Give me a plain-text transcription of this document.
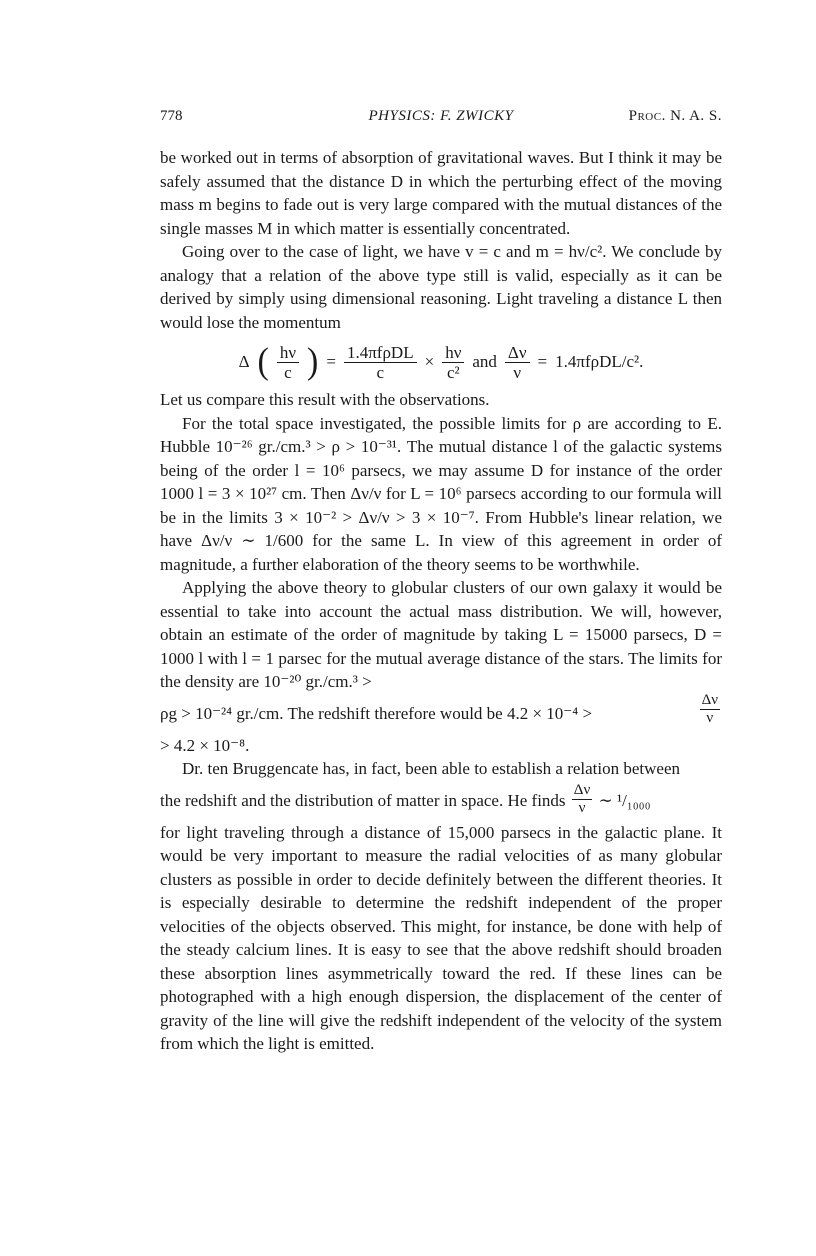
778	PHYSICS: F. ZWICKY	Proc. N. A. S.

be worked out in terms of absorption of gravitational waves. But I think it may be safely assumed that the distance D in which the perturbing effect of the moving mass m begins to fade out is very large compared with the mutual distances of the single masses M in which matter is essentially concentrated.

Going over to the case of light, we have v = c and m = hν/c². We conclude by analogy that a relation of the above type still is valid, especially as it can be derived by simply using dimensional reasoning. Light traveling a distance L then would lose the momentum

Δ ( $\frac{h\nu}{c}$ ) = $\frac{\text{1.4πfρDL}}{c} \times \frac{h\nu}{\text{c²}}$ and $\frac{\Delta\nu}{\nu} = 1.4\pi f\rho DL/c^2$.

Let us compare this result with the observations.

For the total space investigated, the possible limits for ρ are according to E. Hubble 10⁻²⁶ gr./cm.³ > ρ > 10⁻³¹. The mutual distance l of the galactic systems being of the order l = 10⁶ parsecs, we may assume D for instance of the order 1000 l = 3 × 10²⁷ cm. Then Δν/ν for L = 10⁶ parsecs according to our formula will be in the limits 3 × 10⁻² > Δν/ν > 3 × 10⁻⁷. From Hubble's linear relation, we have Δν/ν ∼ 1/600 for the same L. In view of this agreement in order of magnitude, a further elaboration of the theory seems to be worthwhile.

Applying the above theory to globular clusters of our own galaxy it would be essential to take into account the actual mass distribution. We will, however, obtain an estimate of the order of magnitude by taking L = 15000 parsecs, D = 1000 l with l = 1 parsec for the mutual average distance of the stars. The limits for the density are 10⁻²⁰ gr./cm.³ >

ρg > 10⁻²⁴ gr./cm. The redshift therefore would be 4.2 × 10⁻⁴ >	$\frac{\Delta\nu}{\nu}$

> 4.2 × 10⁻⁸.

Dr. ten Bruggencate has, in fact, been able to establish a relation between

the redshift and the distribution of matter in space. He finds $\frac{\Delta\nu}{\nu}$ ∼ ¹/₁₀₀₀

for light traveling through a distance of 15,000 parsecs in the galactic plane. It would be very important to measure the radial velocities of as many globular clusters as possible in order to decide definitely between the different theories. It is especially desirable to determine the redshift independent of the proper velocities of the objects observed. This might, for instance, be done with help of the steady calcium lines. It is easy to see that the above redshift should broaden these absorption lines asymmetrically toward the red. If these lines can be photographed with a high enough dispersion, the displacement of the center of gravity of the line will give the redshift independent of the velocity of the system from which the light is emitted.
